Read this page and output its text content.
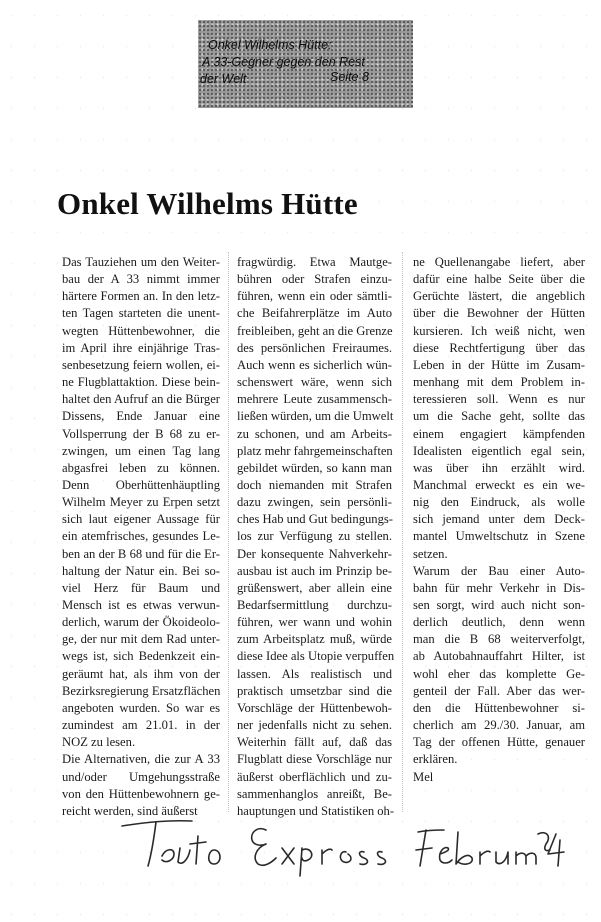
Onkel Wilhelms Hütte:
A 33-Gegner gegen den Rest
der Welt	Seite 8
Onkel Wilhelms Hütte
Das Tauziehen um den Weiter-
bau der A 33 nimmt immer
härtere Formen an. In den letz-
ten Tagen starteten die unent-
wegten Hüttenbewohner, die
im April ihre einjährige Tras-
senbesetzung feiern wollen, ei-
ne Flugblattaktion. Diese bein-
haltet den Aufruf an die Bürger
Dissens, Ende Januar eine
Vollsperrung der B 68 zu er-
zwingen, um einen Tag lang
abgasfrei leben zu können.
Denn Oberhüttenhäuptling
Wilhelm Meyer zu Erpen setzt
sich laut eigener Aussage für
ein atemfrisches, gesundes Le-
ben an der B 68 und für die Er-
haltung der Natur ein. Bei so-
viel Herz für Baum und
Mensch ist es etwas verwun-
derlich, warum der Ökoideolo-
ge, der nur mit dem Rad unter-
wegs ist, sich Bedenkzeit ein-
geräumt hat, als ihm von der
Bezirksregierung Ersatzflächen
angeboten wurden. So war es
zumindest am 21.01. in der
NOZ zu lesen.
Die Alternativen, die zur A 33
und/oder Umgehungsstraße
von den Hüttenbewohnern ge-
reicht werden, sind äußerst
fragwürdig. Etwa Mautge-
bühren oder Strafen einzu-
führen, wenn ein oder sämtli-
che Beifahrerplätze im Auto
freibleiben, geht an die Grenze
des persönlichen Freiraumes.
Auch wenn es sicherlich wün-
schenswert wäre, wenn sich
mehrere Leute zusammensch-
ließen würden, um die Umwelt
zu schonen, und am Arbeits-
platz mehr fahrgemeinschaften
gebildet würden, so kann man
doch niemanden mit Strafen
dazu zwingen, sein persönli-
ches Hab und Gut bedingungs-
los zur Verfügung zu stellen.
Der konsequente Nahverkehr-
ausbau ist auch im Prinzip be-
grüßenswert, aber allein eine
Bedarfsermittlung durchzu-
führen, wer wann und wohin
zum Arbeitsplatz muß, würde
diese Idee als Utopie verpuffen
lassen. Als realistisch und
praktisch umsetzbar sind die
Vorschläge der Hüttenbewoh-
ner jedenfalls nicht zu sehen.
Weiterhin fällt auf, daß das
Flugblatt diese Vorschläge nur
äußerst oberflächlich und zu-
sammenhanglos anreißt, Be-
hauptungen und Statistiken oh-
ne Quellenangabe liefert, aber
dafür eine halbe Seite über die
Gerüchte lästert, die angeblich
über die Bewohner der Hütten
kursieren. Ich weiß nicht, wen
diese Rechtfertigung über das
Leben in der Hütte im Zusam-
menhang mit dem Problem in-
teressieren soll. Wenn es nur
um die Sache geht, sollte das
einem engagiert kämpfenden
Idealisten eigentlich egal sein,
was über ihn erzählt wird.
Manchmal erweckt es ein we-
nig den Eindruck, als wolle
sich jemand unter dem Deck-
mantel Umweltschutz in Szene
setzen.
Warum der Bau einer Auto-
bahn für mehr Verkehr in Dis-
sen sorgt, wird auch nicht son-
derlich deutlich, denn wenn
man die B 68 weiterverfolgt,
ab Autobahnauffahrt Hilter, ist
wohl eher das komplette Ge-
genteil der Fall. Aber das wer-
den die Hüttenbewohner si-
cherlich am 29./30. Januar, am
Tag der offenen Hütte, genauer
erklären.
Mel
